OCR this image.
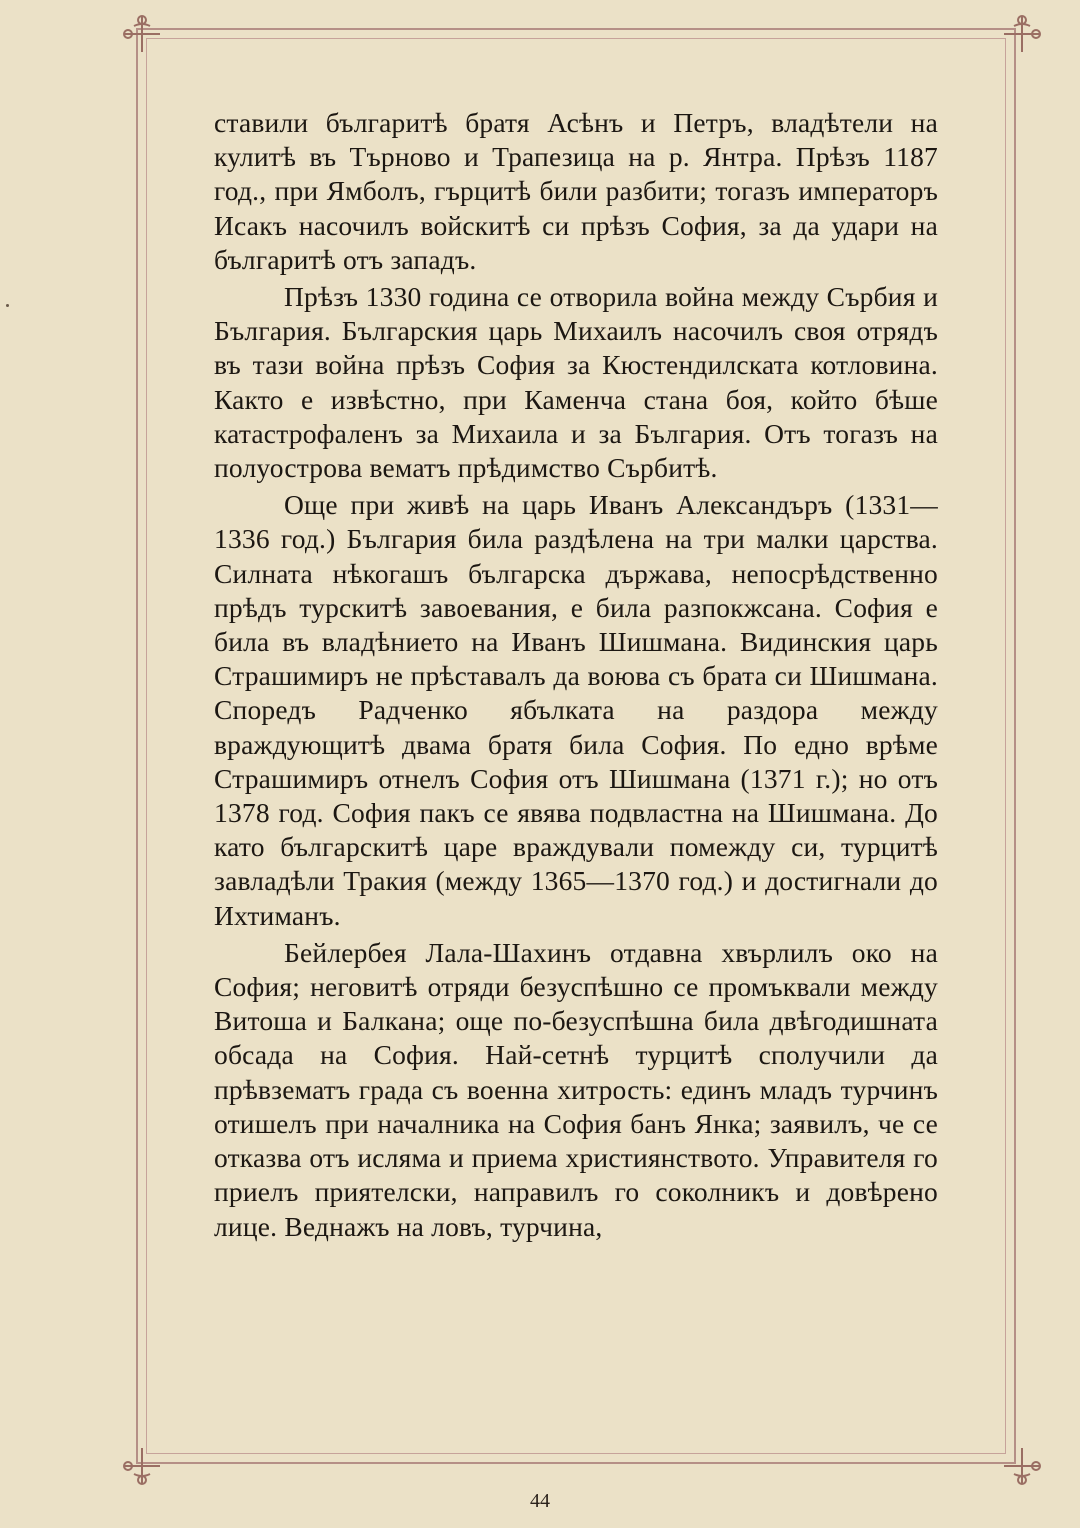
ставили българитѣ братя Асѣнъ и Петръ, владѣтели на кулитѣ въ Търново и Трапезица на р. Янтра. Прѣзъ 1187 год., при Ямболъ, гърцитѣ били разбити; тогазъ императоръ Исакъ насочилъ войскитѣ си прѣзъ София, за да удари на българитѣ отъ западъ.

Прѣзъ 1330 година се отворила война между Сърбия и България. Българския царь Михаилъ насочилъ своя отрядъ въ тази война прѣзъ София за Кюстендилската котловина. Както е извѣстно, при Каменча стана боя, който бѣше катастрофаленъ за Михаила и за България. Отъ тогазъ на полуострова вематъ прѣдимство Сърбитѣ.

Още при живѣ на царь Иванъ Александъръ (1331—1336 год.) България била раздѣлена на три малки царства. Силната нѣкогашъ българска държава, непосрѣдственно прѣдъ турскитѣ завоевания, е била разпокжсана. София е била въ владѣнието на Иванъ Шишмана. Видинския царь Страшимиръ не прѣставалъ да воюва съ брата си Шишмана. Споредъ Радченко ябълката на раздора между враждующитѣ двама братя била София. По едно врѣме Страшимиръ отнелъ София отъ Шишмана (1371 г.); но отъ 1378 год. София пакъ се явява подвластна на Шишмана. До като българскитѣ царе враждували помежду си, турцитѣ завладѣли Тракия (между 1365—1370 год.) и достигнали до Ихтиманъ.

Бейлербея Лала-Шахинъ отдавна хвърлилъ око на София; неговитѣ отряди безуспѣшно се промъквали между Витоша и Балкана; още по-безуспѣшна била двѣгодишната обсада на София. Най-сетнѣ турцитѣ сполучили да прѣвзематъ града съ военна хитрость: единъ младъ турчинъ отишелъ при началника на София банъ Янка; заявилъ, че се отказва отъ исляма и приема християнството. Управителя го приелъ приятелски, направилъ го соколникъ и довѣрено лице. Веднажъ на ловъ, турчина,

44
